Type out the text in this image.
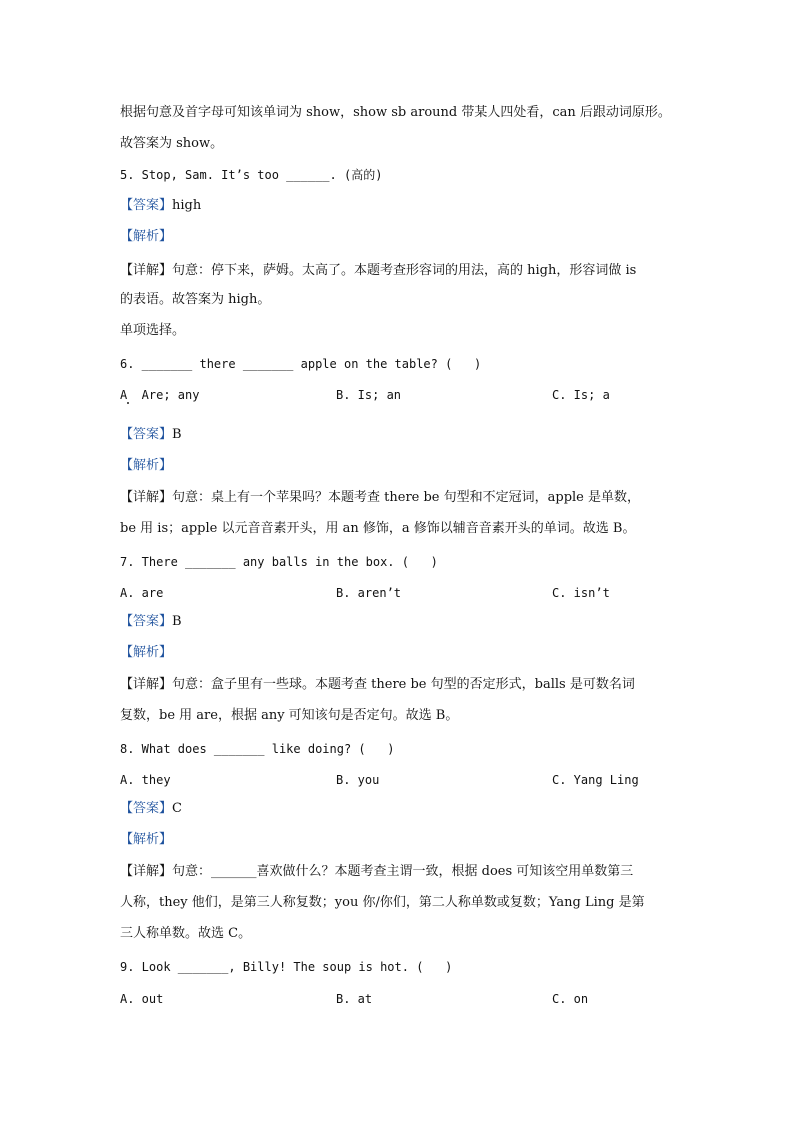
根据句意及首字母可知该单词为 show，show sb around 带某人四处看，can 后跟动词原形。
故答案为 show。
5. Stop, Sam. It’s too ______. (高的)
【答案】high
【解析】
【详解】句意：停下来，萨姆。太高了。本题考查形容词的用法，高的 high，形容词做 is
的表语。故答案为 high。
单项选择。
6. _______ there _______ apple on the table? (   )
A  Are; any	B. Is; an	C. Is; a
【答案】B
【解析】
【详解】句意：桌上有一个苹果吗？本题考查 there be 句型和不定冠词，apple 是单数，
be 用 is；apple 以元音音素开头，用 an 修饰，a 修饰以辅音音素开头的单词。故选 B。
7. There _______ any balls in the box. (   )
A. are	B. aren’t	C. isn’t
【答案】B
【解析】
【详解】句意：盒子里有一些球。本题考查 there be 句型的否定形式，balls 是可数名词
复数，be 用 are，根据 any 可知该句是否定句。故选 B。
8. What does _______ like doing? (   )
A. they	B. you	C. Yang Ling
【答案】C
【解析】
【详解】句意：_______喜欢做什么？本题考查主谓一致，根据 does 可知该空用单数第三
人称，they 他们，是第三人称复数；you 你/你们，第二人称单数或复数；Yang Ling 是第
三人称单数。故选 C。
9. Look _______, Billy! The soup is hot. (   )
A. out	B. at	C. on
